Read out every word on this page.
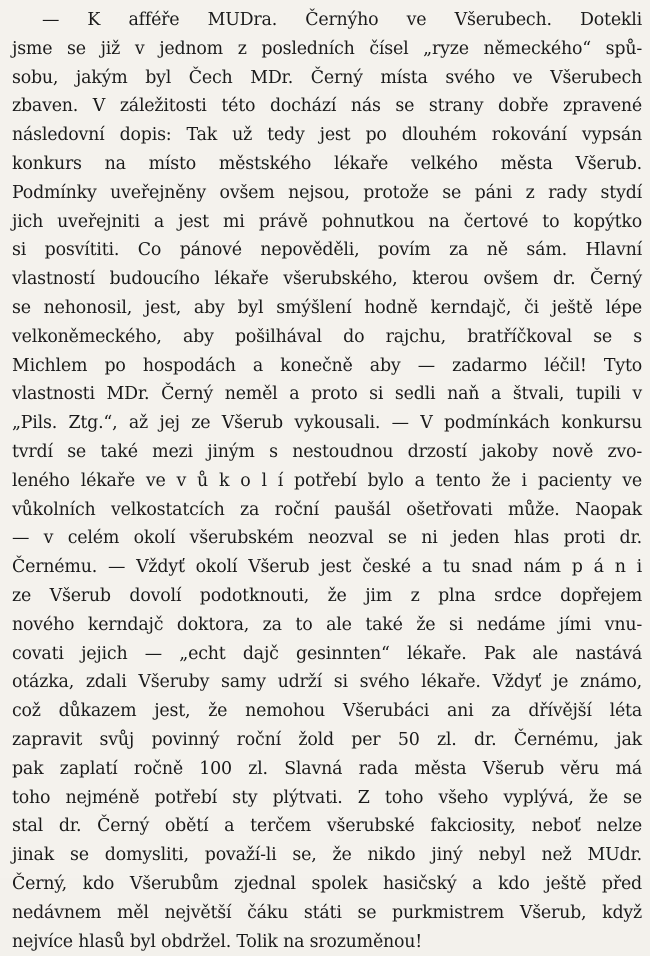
— K afféře MUDra. Černýho ve Všerubech. Dotekli
jsme se již v jednom z posledních čísel „ryze německého“ spů-
sobu, jakým byl Čech MDr. Černý místa svého ve Všerubech
zbaven. V záležitosti této dochází nás se strany dobře zpravené
následovní dopis: Tak už tedy jest po dlouhém rokování vypsán
konkurs na místo městského lékaře velkého města Všerub.
Podmínky uveřejněny ovšem nejsou, protože se páni z rady stydí
jich uveřejniti a jest mi právě pohnutkou na čertové to kopýtko
si posvítiti. Co pánové nepověděli, povím za ně sám. Hlavní
vlastností budoucího lékaře všerubského, kterou ovšem dr. Černý
se nehonosil, jest, aby byl smýšlení hodně kerndajč, či ještě lépe
velkoněmeckého, aby pošilhával do rajchu, bratříčkoval se s
Michlem po hospodách a konečně aby — zadarmo léčil! Tyto
vlastnosti MDr. Černý neměl a proto si sedli naň a štvali, tupili v
„Pils. Ztg.“, až jej ze Všerub vykousali. — V podmínkách konkursu
tvrdí se také mezi jiným s nestoudnou drzostí jakoby nově zvo-
leného lékaře ve v ů k o l í potřebí bylo a tento že i pacienty ve
vůkolních velkostatcích za roční paušál ošetřovati může. Naopak
— v celém okolí všerubském neozval se ni jeden hlas proti dr.
Černému. — Vždyť okolí Všerub jest české a tu snad nám p á n i
ze Všerub dovolí podotknouti, že jim z plna srdce dopřejem
nového kerndajč doktora, za to ale také že si nedáme jími vnu-
covati jejich — „echt dajč gesinnten“ lékaře. Pak ale nastává
otázka, zdali Všeruby samy udrží si svého lékaře. Vždyť je známo,
což důkazem jest, že nemohou Všerubáci ani za dřívější léta
zapravit svůj povinný roční žold per 50 zl. dr. Černému, jak
pak zaplatí ročně 100 zl. Slavná rada města Všerub věru má
toho nejméně potřebí sty plýtvati. Z toho všeho vyplývá, že se
stal dr. Černý obětí a terčem všerubské fakciosity, neboť nelze
jinak se domysliti, považí-li se, že nikdo jiný nebyl než MUdr.
Černý, kdo Všerubům zjednal spolek hasičský a kdo ještě před
nedávnem měl největší čáku státi se purkmistrem Všerub, když
nejvíce hlasů byl obdržel. Tolik na srozuměnou!
